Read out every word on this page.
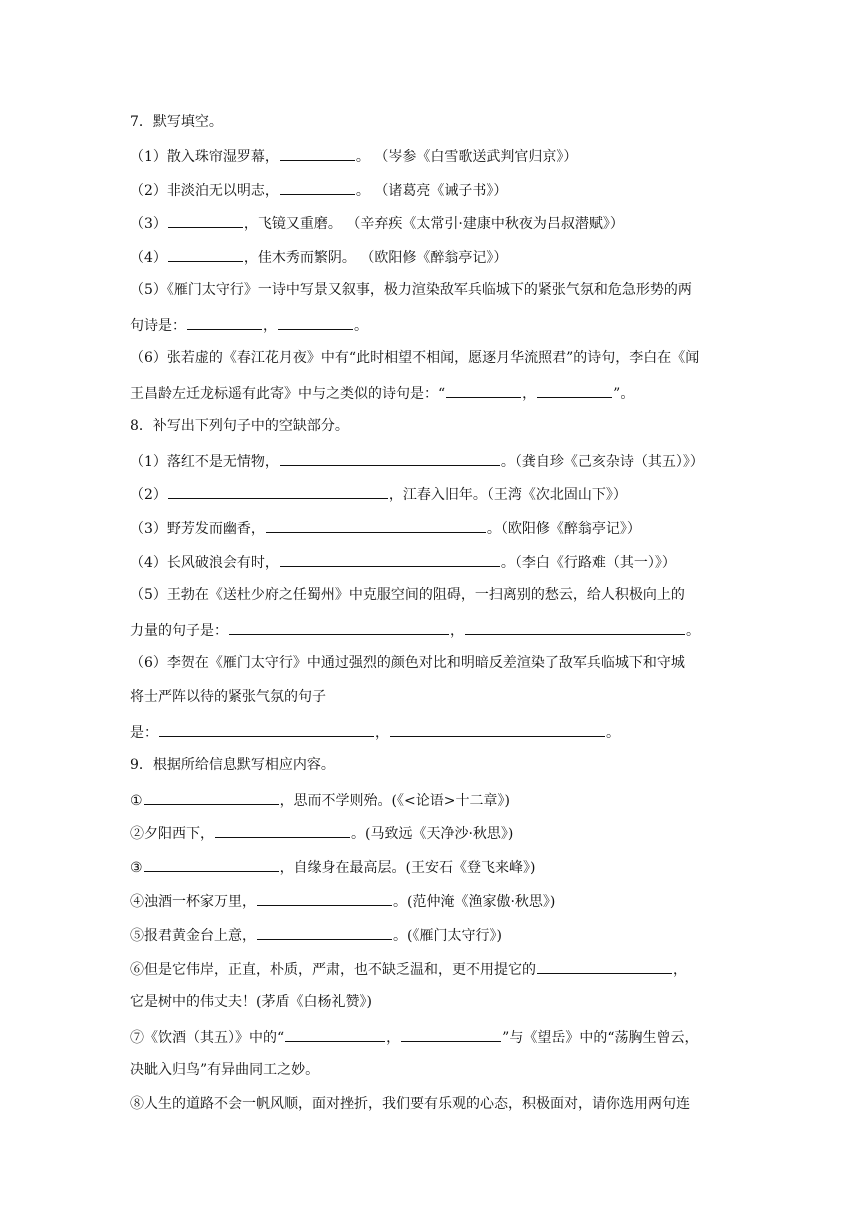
7．默写填空。
（1）散入珠帘湿罗幕，	。 （岑参《白雪歌送武判官归京》）
（2）非淡泊无以明志，	。 （诸葛亮《诫子书》）
（3）	，飞镜又重磨。 （辛弃疾《太常引·建康中秋夜为吕叔潜赋》）
（4）	，佳木秀而繁阴。 （欧阳修《醉翁亭记》）
（5）《雁门太守行》一诗中写景又叙事，极力渲染敌军兵临城下的紧张气氛和危急形势的两
句诗是：	，	。
（6）张若虚的《春江花月夜》中有“此时相望不相闻，愿逐月华流照君”的诗句，李白在《闻
王昌龄左迁龙标遥有此寄》中与之类似的诗句是：“	，	”。
8．补写出下列句子中的空缺部分。
（1）落红不是无情物，	。（龚自珍《己亥杂诗（其五）》）
（2）	，江春入旧年。（王湾《次北固山下》）
（3）野芳发而幽香，	。（欧阳修《醉翁亭记》）
（4）长风破浪会有时，	。（李白《行路难（其一）》）
（5）王勃在《送杜少府之任蜀州》中克服空间的阻碍，一扫离别的愁云，给人积极向上的
力量的句子是：	，	。
（6）李贺在《雁门太守行》中通过强烈的颜色对比和明暗反差渲染了敌军兵临城下和守城
将士严阵以待的紧张气氛的句子
是：	，	。
9．根据所给信息默写相应内容。
①	，思而不学则殆。(《<论语>十二章》)
②夕阳西下，	。(马致远《天净沙·秋思》)
③	，自缘身在最高层。(王安石《登飞来峰》)
④浊酒一杯家万里，	。(范仲淹《渔家傲·秋思》)
⑤报君黄金台上意，	。(《雁门太守行》)
⑥但是它伟岸，正直，朴质，严肃，也不缺乏温和，更不用提它的	，
它是树中的伟丈夫！(茅盾《白杨礼赞》)
⑦《饮酒（其五）》中的“	，	”与《望岳》中的“荡胸生曾云，
决眦入归鸟”有异曲同工之妙。
⑧人生的道路不会一帆风顺，面对挫折，我们要有乐观的心态，积极面对，请你选用两句连
